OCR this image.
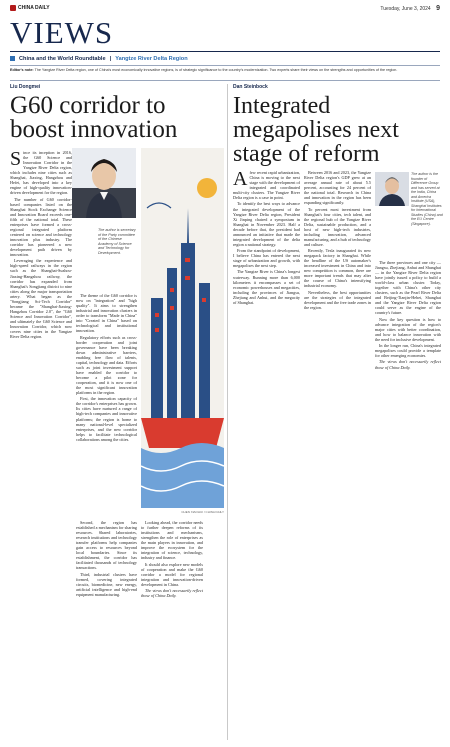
CHINA DAILY	Tuesday, June 3, 2024 9
VIEWS
China and the World Roundtable | Yangtze River Delta Region
Editor's note: The Yangtze River Delta region, one of China's most economically innovative regions, is of strategic significance to the country's modernization. Two experts share their views on the strengths and opportunities of the region.
Liu Dongmei
G60 corridor to boost innovation
S ince its inception in 2016, the G60 Science and Innovation Corridor in the Yangtze River Delta region, which includes nine cities such as Shanghai, Jiaxing, Hangzhou and Hefei, has developed into a key engine of high-quality innovation-driven development for the region.

The number of G60 corridor-based companies listed on the Shanghai Stock Exchange Science and Innovation Board exceeds one-fifth of the national total. These enterprises have formed a cross-regional integrated platform centered on science and technology innovation plus industry. The corridor has pioneered a new development path driven by innovation.

Leveraging the experience and high-speed railways in the region such as the Shanghai-Suzhou-Jiaxing-Hangzhou railway, the corridor has expanded from Shanghai's Songjiang district to nine cities along the major transportation artery. What began as the "Songjiang Sci-Tech Corridor" became the "Shanghai-Jiaxing-Hangzhou Corridor 2.0", the "G60 Science and Innovation Corridor", and ultimately the G60 Science and Innovation Corridor, which now covers nine cities in the Yangtze River Delta region.

The author is secretary of the Party committee of the Chinese Academy of Science and Technology for Development.

The theme of the G60 corridor is now on "integration" and "high quality". It aims to strengthen industrial and innovation clusters in order to transform "Made in China" into "Created in China" based on technological and institutional innovation.

Regulatory efforts such as cross-border cooperation and joint governance have been breaking down administrative barriers, enabling free flow of talents, capital, technology and data. Efforts such as joint investment support have enabled the corridor to become a pilot zone for cooperation, and it is now one of the most significant innovation platforms in the region.

First, the innovation capacity of the corridor's enterprises has grown. Its cities have nurtured a range of high-tech companies and innovative platforms; the region is home to many national-level specialized enterprises, and the new corridor helps to facilitate technological collaborations among the cities.

CHEN XIAOHUI / CHINA DAILY

Second, the region has established a mechanism for sharing resources. Shared laboratories, research institutions and technology transfer platforms help companies gain access to resources beyond local boundaries. Since its establishment, the corridor has facilitated thousands of technology transactions.

Third, industrial clusters have formed, covering integrated circuits, biomedicine, new energy, artificial intelligence and high-end equipment manufacturing.

Looking ahead, the corridor needs to further deepen reforms of its institutions and mechanisms, strengthen the role of enterprises as the main players in innovation, and improve the ecosystem for the integration of science, technology, industry and finance.

It should also explore new models of cooperation and make the G60 corridor a model for regional integration and innovation-driven development in China.

The views don't necessarily reflect those of China Daily.

Dan Steinbock
Integrated megapolises next stage of reform
A few recent rapid urbanization, China is moving to the next stage with the development of integrated and coordinated multi-city clusters. The Yangtze River Delta region is a case in point.

To identify the best ways to advance the integrated development of the Yangtze River Delta region, President Xi Jinping chaired a symposium in Shanghai in November 2023. Half a decade before that, the president had announced an initiative that made the integrated development of the delta region a national strategy.

From the standpoint of development, I believe China has entered the next stage of urbanization and growth, with megapolises the next step.

The Yangtze River is China's longest waterway. Running more than 6,000 kilometers it encompasses a set of economic powerhouses and megacities, including the provinces of Jiangsu, Zhejiang and Anhui, and the megacity of Shanghai.

Between 2016 and 2023, the Yangtze River Delta region's GDP grew at an average annual rate of about 5.5 percent, accounting for 24 percent of the national total. Research in China and innovation in the region has been expanding significantly.

To percent most investment from Shanghai's four cities, tech talent, and the regional hub of the Yangtze River Delta, sustainable production, and a host of new high-tech industries, including innovation, advanced manufacturing, and a hub of technology and culture.

Recently, Tesla inaugurated its new megapack factory in Shanghai. While the headline of the US automaker's increased investment in China and into new competition is common, there are more important trends that may alter the course of China's intensifying industrial economy.

Nevertheless, the best opportunities are the strategies of the integrated development and the free trade zones in the region.

The author is the founder of Difference Group and has served at the India, China and America Institute (USA), Shanghai Institutes for International Studies (China) and the EU Centre (Singapore).

The three provinces and one city — Jiangsu, Zhejiang, Anhui and Shanghai — in the Yangtze River Delta region have jointly issued a policy to build a world-class urban cluster. Today, together with China's other city clusters, such as the Pearl River Delta and Beijing-Tianjin-Hebei, Shanghai and the Yangtze River Delta region could serve as the engine of the country's future.

Now the key question is how to advance integration of the region's major cities with better coordination, and how to balance innovation with the need for inclusive development.

In the longer run, China's integrated megapolises could provide a template for other emerging economies.

The views don't necessarily reflect those of China Daily.
